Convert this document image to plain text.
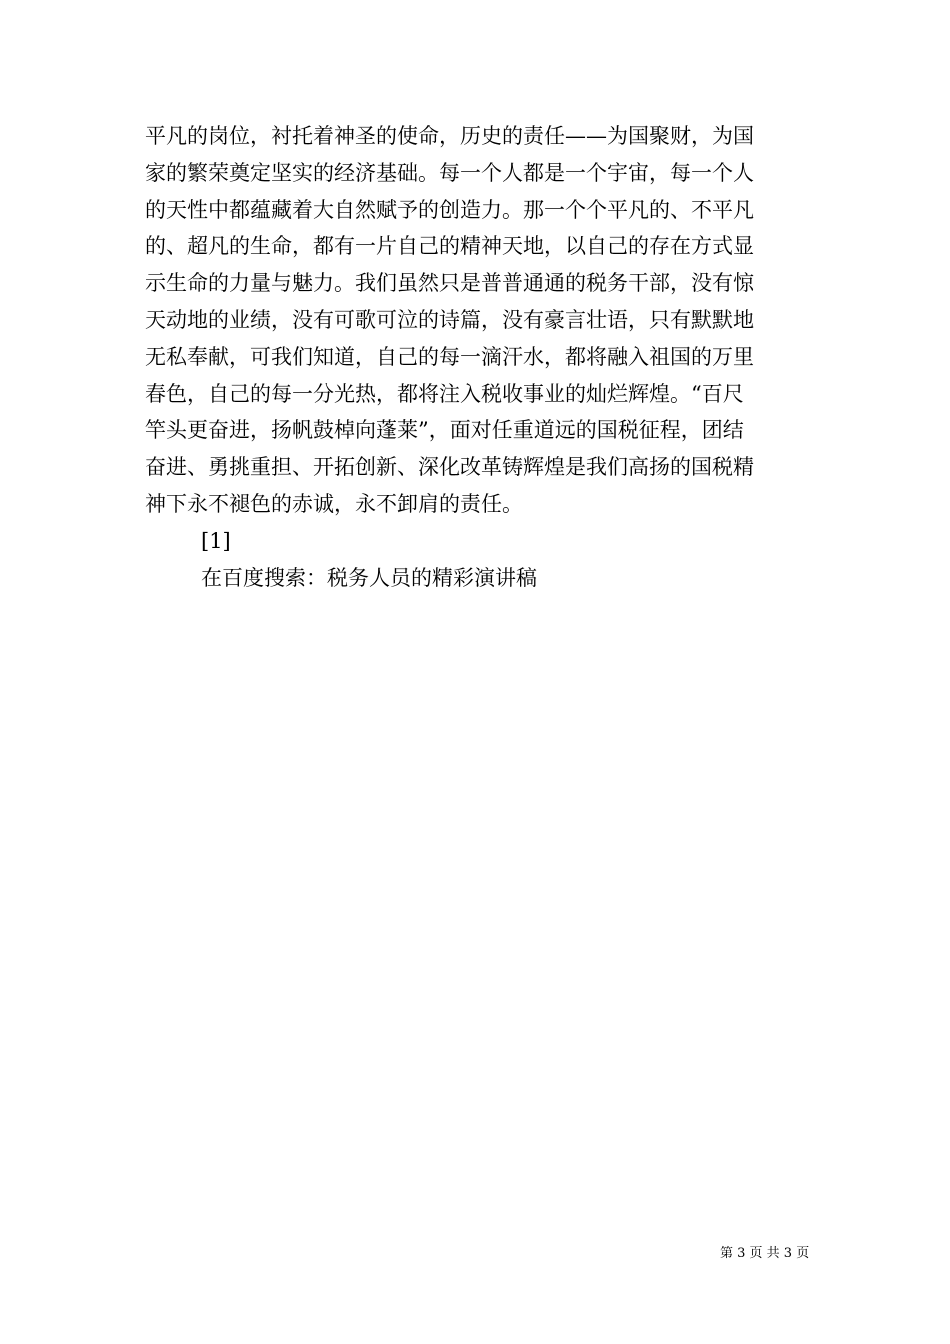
平凡的岗位，衬托着神圣的使命，历史的责任——为国聚财，为国

家的繁荣奠定坚实的经济基础。每一个人都是一个宇宙，每一个人

的天性中都蕴藏着大自然赋予的创造力。那一个个平凡的、不平凡

的、超凡的生命，都有一片自己的精神天地，以自己的存在方式显

示生命的力量与魅力。我们虽然只是普普通通的税务干部，没有惊

天动地的业绩，没有可歌可泣的诗篇，没有豪言壮语，只有默默地

无私奉献，可我们知道，自己的每一滴汗水，都将融入祖国的万里

春色，自己的每一分光热，都将注入税收事业的灿烂辉煌。“百尺

竿头更奋进，扬帆鼓棹向蓬莱”，面对任重道远的国税征程，团结

奋进、勇挑重担、开拓创新、深化改革铸辉煌是我们高扬的国税精

神下永不褪色的赤诚，永不卸肩的责任。

[1]

在百度搜索：税务人员的精彩演讲稿

第 3 页 共 3 页
